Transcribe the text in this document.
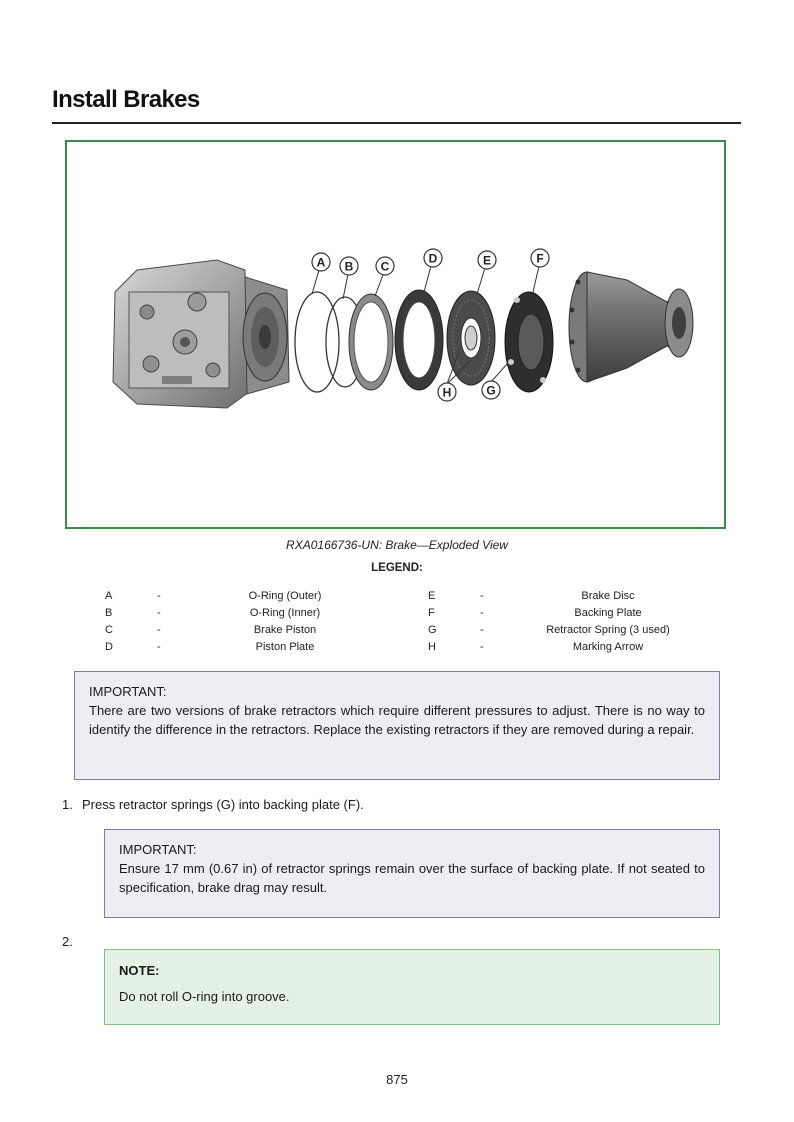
Install Brakes
A B C
D	E	F
G
H
RXA0166736-UN: Brake—Exploded View
LEGEND:
A	-	O-Ring (Outer)
B	-	O-Ring (Inner)
C	-	Brake Piston
D	-	Piston Plate
E	-	Brake Disc
F	-	Backing Plate
G	-	Retractor Spring (3 used)
H	-	Marking Arrow
IMPORTANT:
There are two versions of brake retractors which require different pressures to adjust. There is no way to identify the difference in the retractors. Replace the existing retractors if they are removed during a repair.
1. Press retractor springs (G) into backing plate (F).
IMPORTANT:
Ensure 17 mm (0.67 in) of retractor springs remain over the surface of backing plate. If not seated to specification, brake drag may result.
2.
NOTE:
Do not roll O-ring into groove.
875
